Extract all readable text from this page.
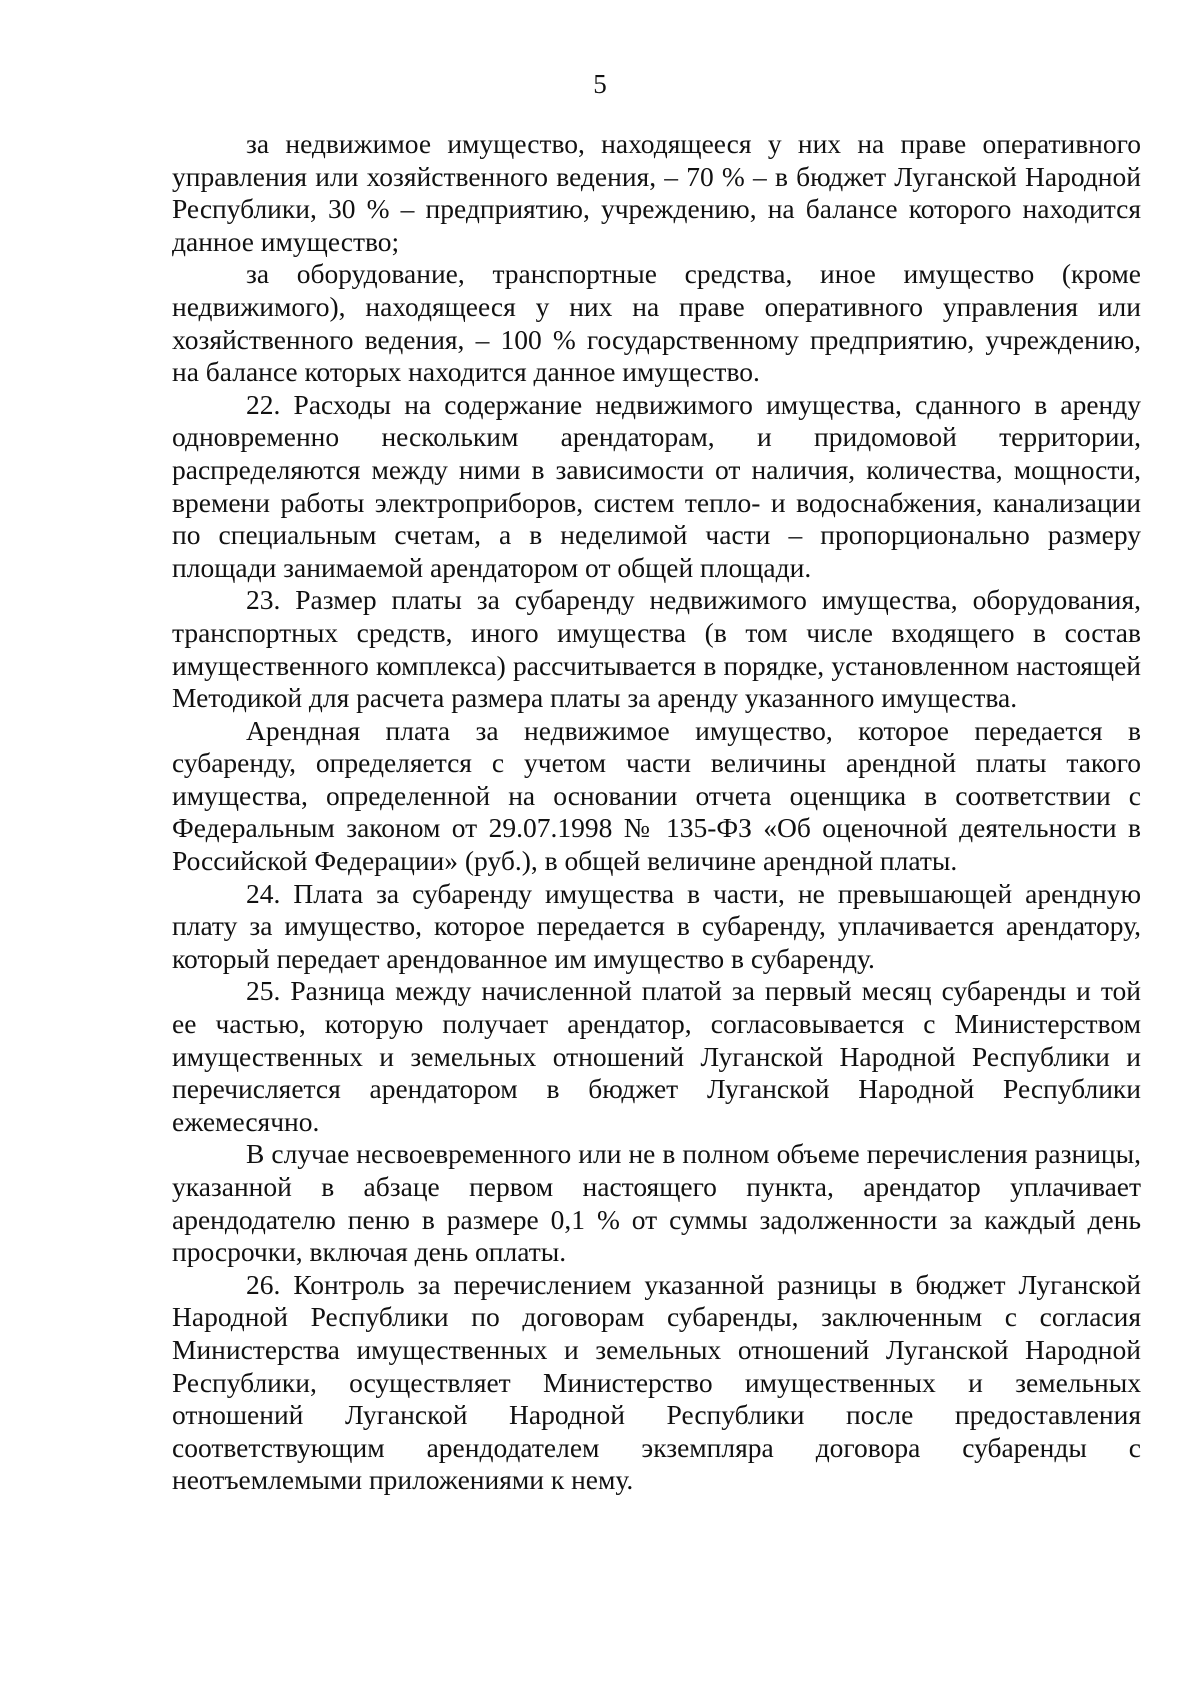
5

за недвижимое имущество, находящееся у них на праве оперативного управления или хозяйственного ведения, – 70 % – в бюджет Луганской Народной Республики, 30 % – предприятию, учреждению, на балансе которого находится данное имущество;

за оборудование, транспортные средства, иное имущество (кроме недвижимого), находящееся у них на праве оперативного управления или хозяйственного ведения, – 100 % государственному предприятию, учреждению, на балансе которых находится данное имущество.

22. Расходы на содержание недвижимого имущества, сданного в аренду одновременно нескольким арендаторам, и придомовой территории, распределяются между ними в зависимости от наличия, количества, мощности, времени работы электроприборов, систем тепло- и водоснабжения, канализации по специальным счетам, а в неделимой части – пропорционально размеру площади занимаемой арендатором от общей площади.

23. Размер платы за субаренду недвижимого имущества, оборудования, транспортных средств, иного имущества (в том числе входящего в состав имущественного комплекса) рассчитывается в порядке, установленном настоящей Методикой для расчета размера платы за аренду указанного имущества.

Арендная плата за недвижимое имущество, которое передается в субаренду, определяется с учетом части величины арендной платы такого имущества, определенной на основании отчета оценщика в соответствии с Федеральным законом от 29.07.1998 № 135-ФЗ «Об оценочной деятельности в Российской Федерации» (руб.), в общей величине арендной платы.

24. Плата за субаренду имущества в части, не превышающей арендную плату за имущество, которое передается в субаренду, уплачивается арендатору, который передает арендованное им имущество в субаренду.

25. Разница между начисленной платой за первый месяц субаренды и той ее частью, которую получает арендатор, согласовывается с Министерством имущественных и земельных отношений Луганской Народной Республики и перечисляется арендатором в бюджет Луганской Народной Республики ежемесячно.

В случае несвоевременного или не в полном объеме перечисления разницы, указанной в абзаце первом настоящего пункта, арендатор уплачивает арендодателю пеню в размере 0,1 % от суммы задолженности за каждый день просрочки, включая день оплаты.

26. Контроль за перечислением указанной разницы в бюджет Луганской Народной Республики по договорам субаренды, заключенным с согласия Министерства имущественных и земельных отношений Луганской Народной Республики, осуществляет Министерство имущественных и земельных отношений Луганской Народной Республики после предоставления соответствующим арендодателем экземпляра договора субаренды с неотъемлемыми приложениями к нему.
